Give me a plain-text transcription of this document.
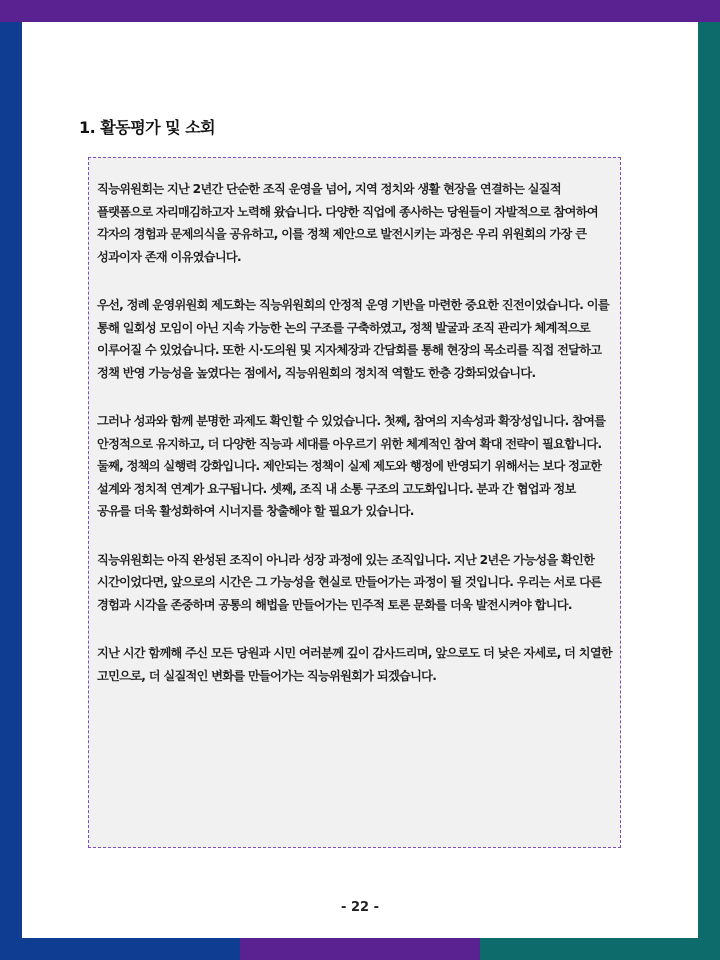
1. 활동평가 및 소회

직능위원회는 지난 2년간 단순한 조직 운영을 넘어, 지역 정치와 생활 현장을 연결하는 실질적 플랫폼으로 자리매김하고자 노력해 왔습니다. 다양한 직업에 종사하는 당원들이 자발적으로 참여하여 각자의 경험과 문제의식을 공유하고, 이를 정책 제안으로 발전시키는 과정은 우리 위원회의 가장 큰 성과이자 존재 이유였습니다.

우선, 정례 운영위원회 제도화는 직능위원회의 안정적 운영 기반을 마련한 중요한 진전이었습니다. 이를 통해 일회성 모임이 아닌 지속 가능한 논의 구조를 구축하였고, 정책 발굴과 조직 관리가 체계적으로 이루어질 수 있었습니다. 또한 시·도의원 및 지자체장과 간담회를 통해 현장의 목소리를 직접 전달하고 정책 반영 가능성을 높였다는 점에서, 직능위원회의 정치적 역할도 한층 강화되었습니다.

그러나 성과와 함께 분명한 과제도 확인할 수 있었습니다. 첫째, 참여의 지속성과 확장성입니다. 참여를 안정적으로 유지하고, 더 다양한 직능과 세대를 아우르기 위한 체계적인 참여 확대 전략이 필요합니다. 둘째, 정책의 실행력 강화입니다. 제안되는 정책이 실제 제도와 행정에 반영되기 위해서는 보다 정교한 설계와 정치적 연계가 요구됩니다. 셋째, 조직 내 소통 구조의 고도화입니다. 분과 간 협업과 정보 공유를 더욱 활성화하여 시너지를 창출해야 할 필요가 있습니다.

직능위원회는 아직 완성된 조직이 아니라 성장 과정에 있는 조직입니다. 지난 2년은 가능성을 확인한 시간이었다면, 앞으로의 시간은 그 가능성을 현실로 만들어가는 과정이 될 것입니다. 우리는 서로 다른 경험과 시각을 존중하며 공통의 해법을 만들어가는 민주적 토론 문화를 더욱 발전시켜야 합니다.

지난 시간 함께해 주신 모든 당원과 시민 여러분께 깊이 감사드리며, 앞으로도 더 낮은 자세로, 더 치열한 고민으로, 더 실질적인 변화를 만들어가는 직능위원회가 되겠습니다.

- 22 -
